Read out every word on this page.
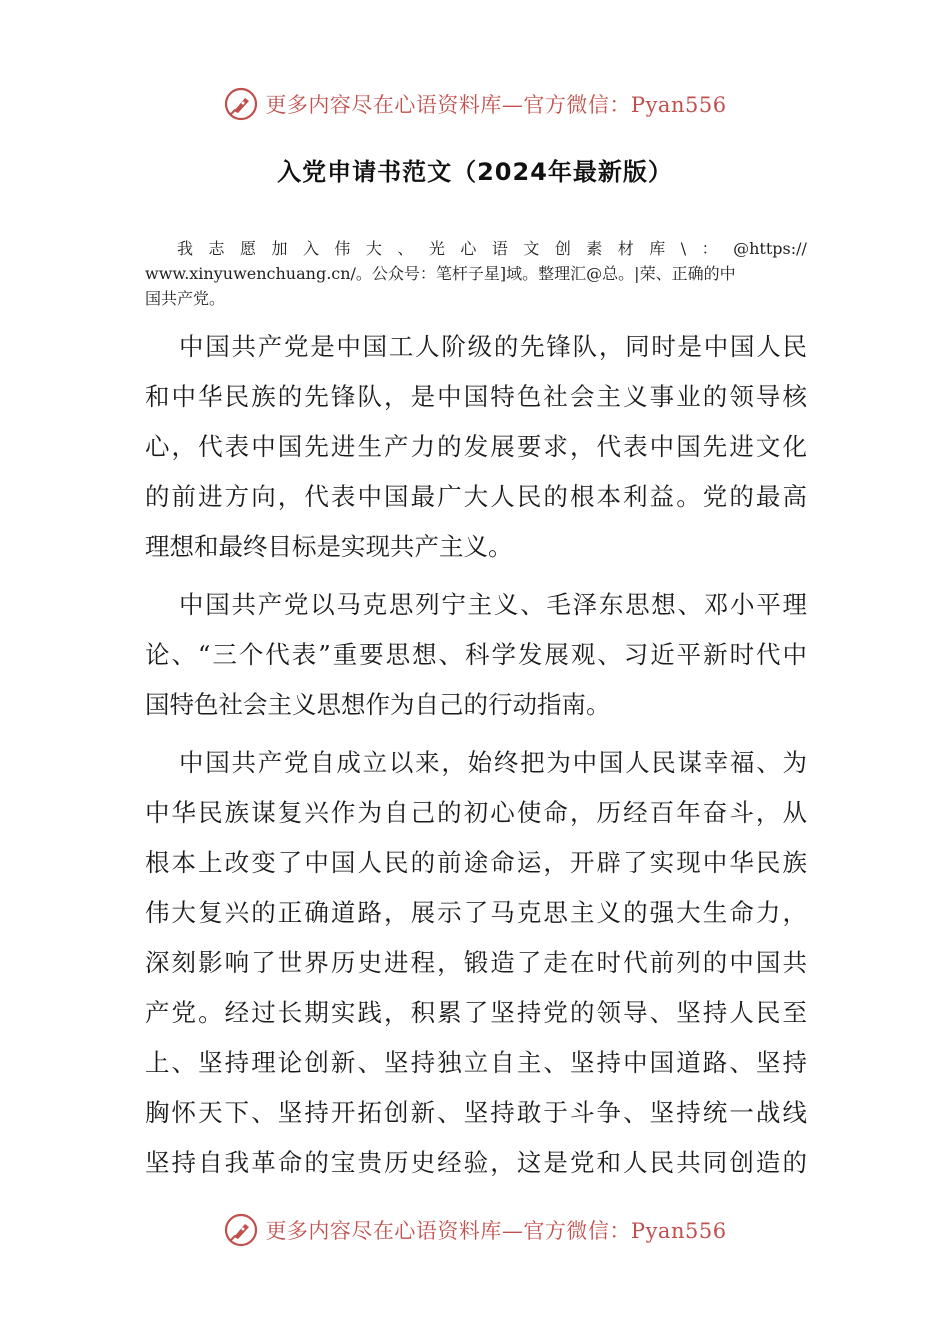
更多内容尽在心语资料库—官方微信：Pyan556
入党申请书范文（2024年最新版）
我 志 愿 加 入 伟 大 、 光 心 语 文 创 素 材 库 \ ： @https://
www.xinyuwenchuang.cn/。公众号：笔杆子星]域。整理汇@总。|荣、正确的中
国共产党。
中国共产党是中国工人阶级的先锋队，同时是中国人民
和中华民族的先锋队，是中国特色社会主义事业的领导核
心，代表中国先进生产力的发展要求，代表中国先进文化
的前进方向，代表中国最广大人民的根本利益。党的最高
理想和最终目标是实现共产主义。
中国共产党以马克思列宁主义、毛泽东思想、邓小平理
论、“三个代表”重要思想、科学发展观、习近平新时代中
国特色社会主义思想作为自己的行动指南。
中国共产党自成立以来，始终把为中国人民谋幸福、为
中华民族谋复兴作为自己的初心使命，历经百年奋斗，从
根本上改变了中国人民的前途命运，开辟了实现中华民族
伟大复兴的正确道路，展示了马克思主义的强大生命力，
深刻影响了世界历史进程，锻造了走在时代前列的中国共
产党。经过长期实践，积累了坚持党的领导、坚持人民至
上、坚持理论创新、坚持独立自主、坚持中国道路、坚持
胸怀天下、坚持开拓创新、坚持敢于斗争、坚持统一战线
坚持自我革命的宝贵历史经验，这是党和人民共同创造的
更多内容尽在心语资料库—官方微信：Pyan556
